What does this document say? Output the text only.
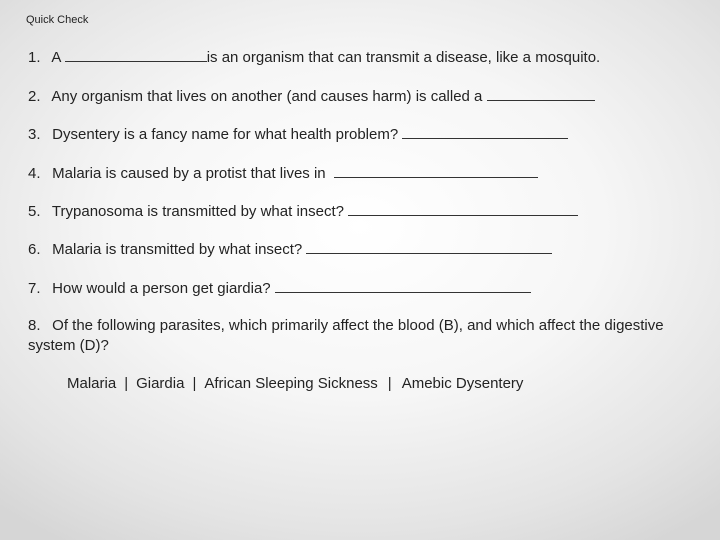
Quick Check
1. A	is an organism that can transmit a disease, like a mosquito.
2. Any organism that lives on another (and causes harm) is called a
3. Dysentery is a fancy name for what health problem?
4. Malaria is caused by a protist that lives in
5. Trypanosoma is transmitted by what insect?
6. Malaria is transmitted by what insect?
7. How would a person get giardia?
8. Of the following parasites, which primarily affect the blood (B), and which affect the digestive system (D)?
Malaria | Giardia | African Sleeping Sickness | Amebic Dysentery
